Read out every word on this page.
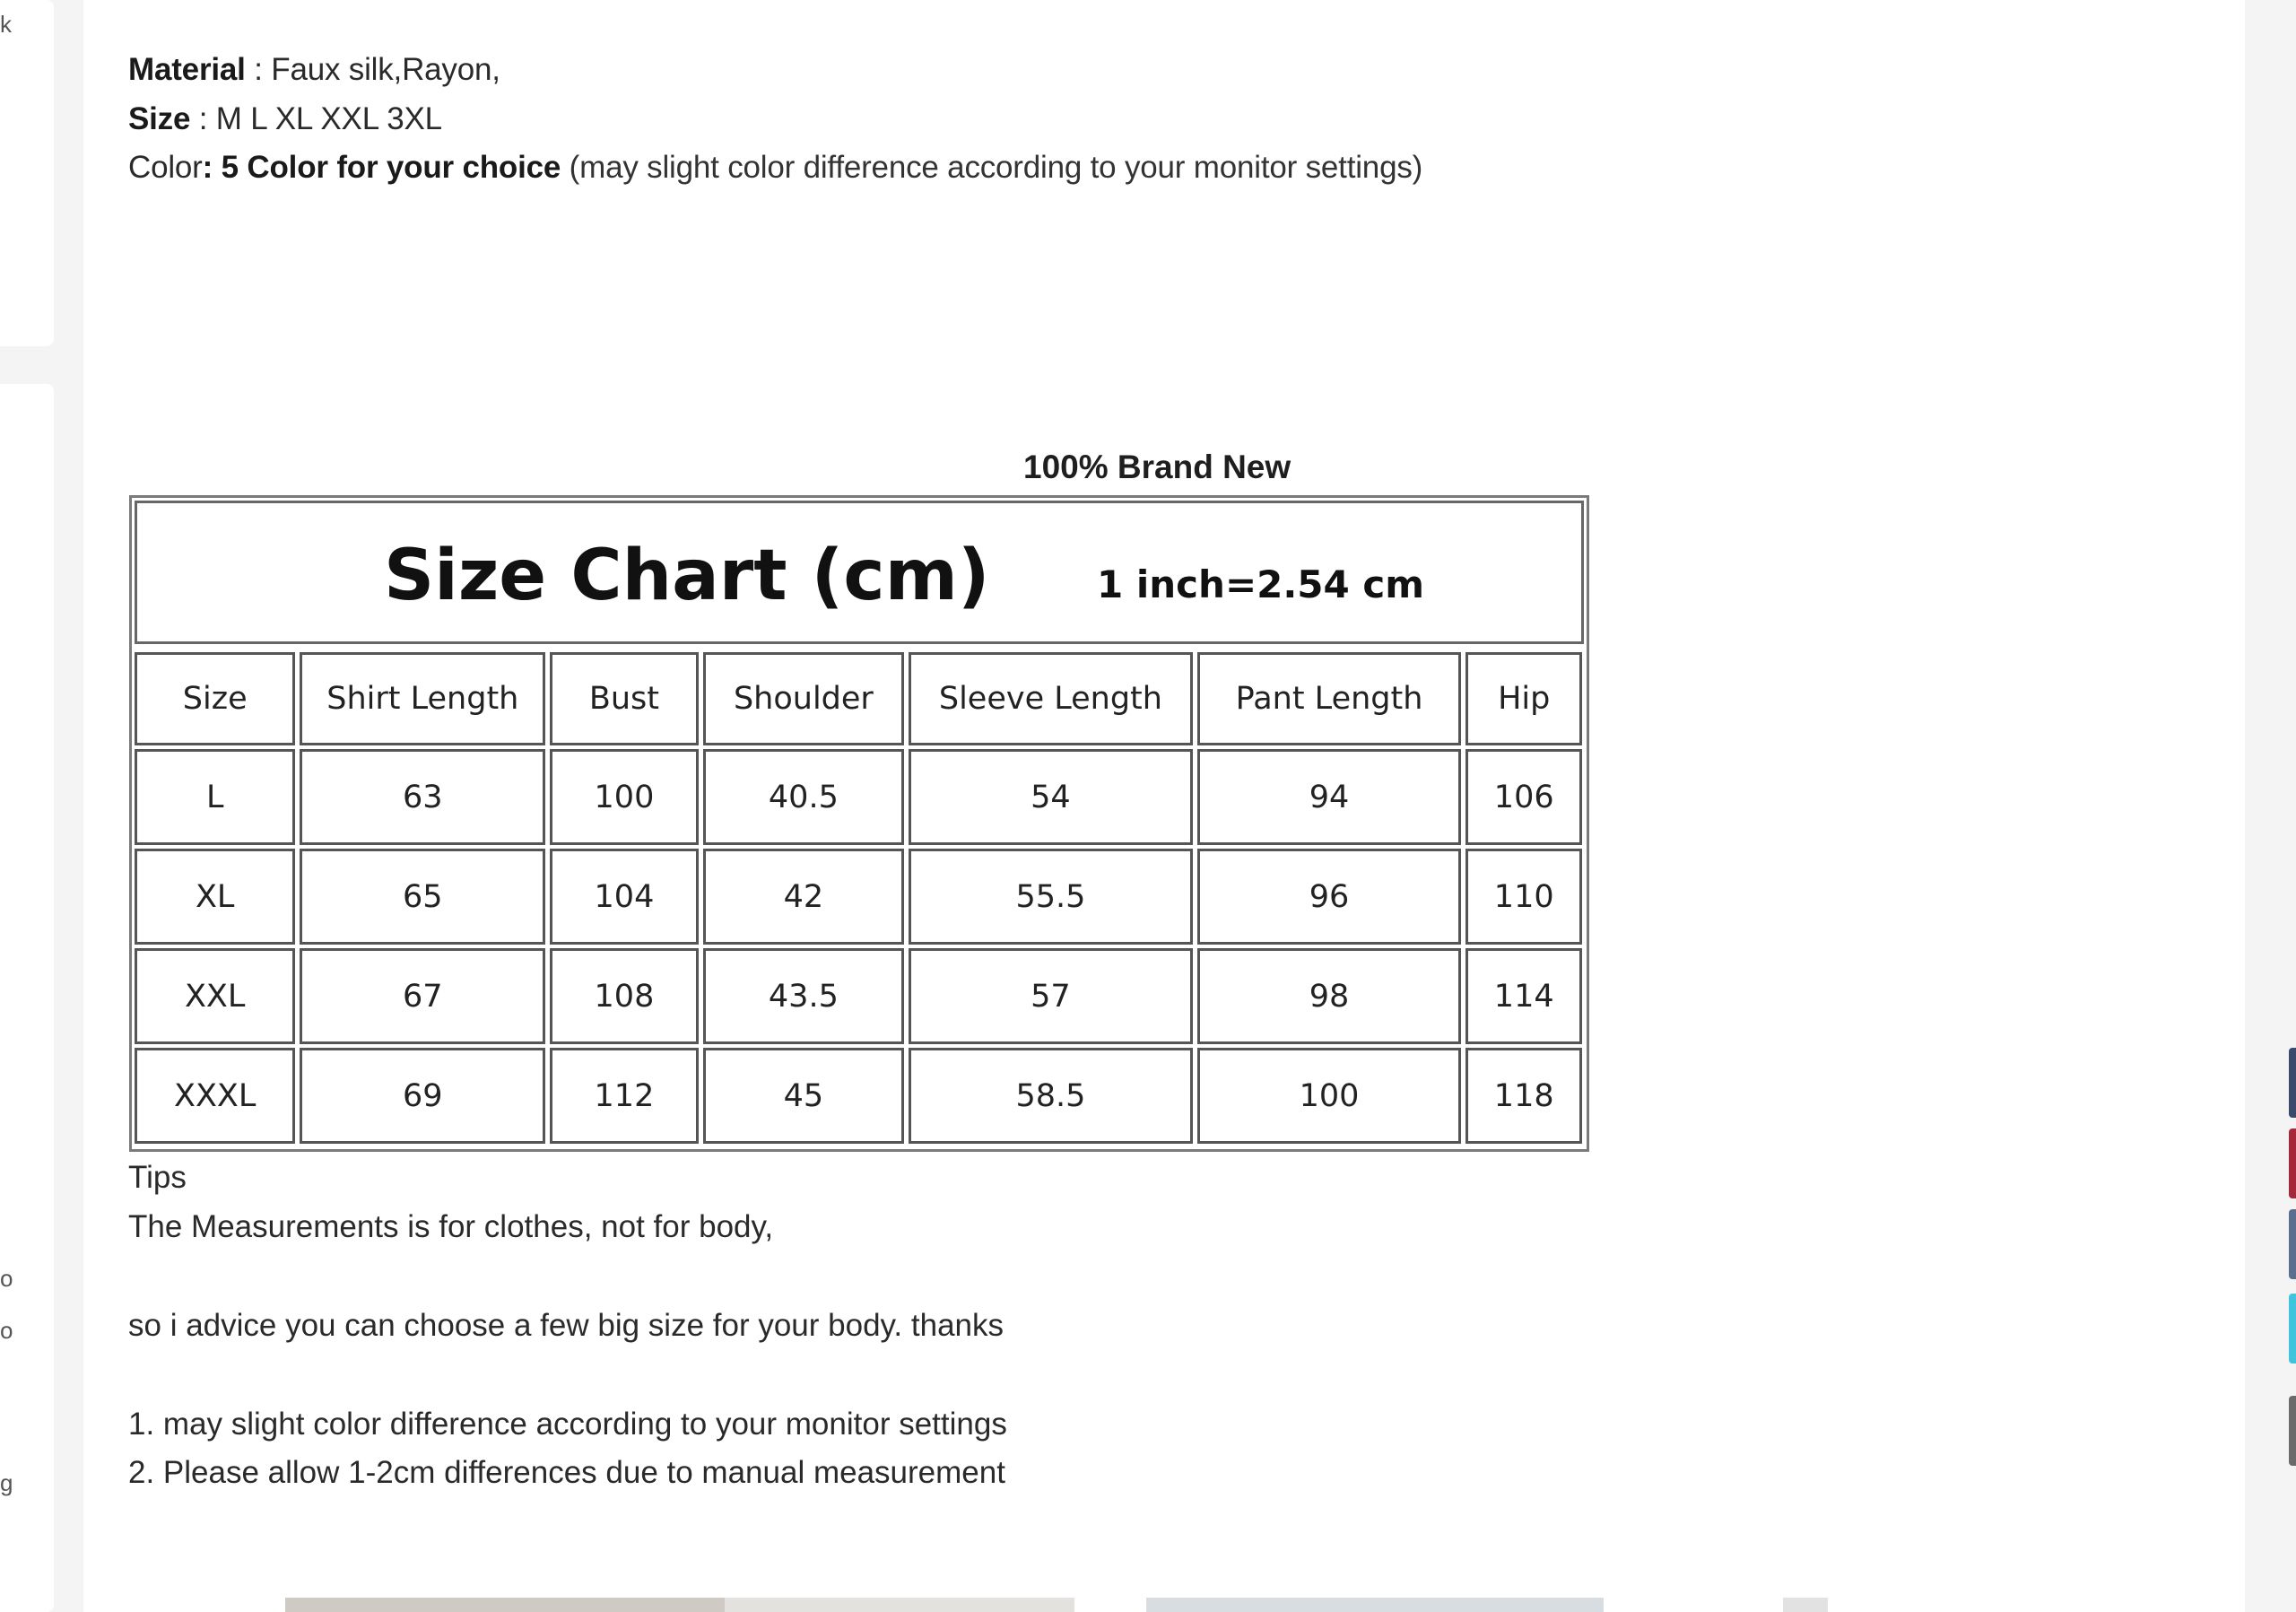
k
o
o
g
Material : Faux silk,Rayon,
Size : M L XL XXL 3XL
Color: 5 Color for your choice (may slight color difference according to your monitor settings)
100% Brand New
Size Chart (cm)	1 inch=2.54 cm
Size	Shirt Length	Bust	Shoulder	Sleeve Length	Pant Length	Hip
L	63	100	40.5	54	94	106
XL	65	104	42	55.5	96	110
XXL	67	108	43.5	57	98	114
XXXL	69	112	45	58.5	100	118
Tips
The Measurements is for clothes, not for body,
so i advice you can choose a few big size for your body. thanks
1. may slight color difference according to your monitor settings
2. Please allow 1-2cm differences due to manual measurement
